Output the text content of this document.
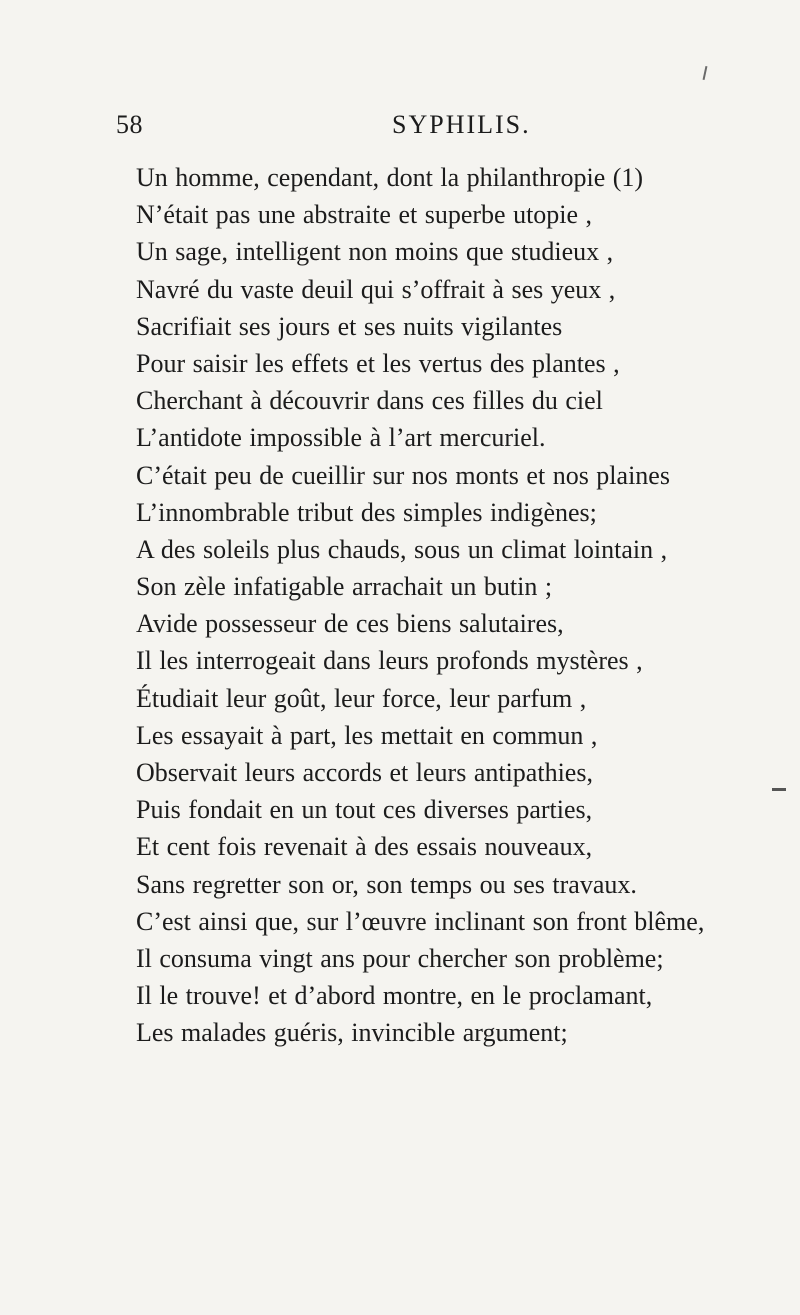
58	SYPHILIS.
Un homme, cependant, dont la philanthropie (1)
N’était pas une abstraite et superbe utopie ,
Un sage, intelligent non moins que studieux ,
Navré du vaste deuil qui s’offrait à ses yeux ,
Sacrifiait ses jours et ses nuits vigilantes
Pour saisir les effets et les vertus des plantes ,
Cherchant à découvrir dans ces filles du ciel
L’antidote impossible à l’art mercuriel.
C’était peu de cueillir sur nos monts et nos plaines
L’innombrable tribut des simples indigènes;
A des soleils plus chauds, sous un climat lointain ,
Son zèle infatigable arrachait un butin ;
Avide possesseur de ces biens salutaires,
Il les interrogeait dans leurs profonds mystères ,
Étudiait leur goût, leur force, leur parfum ,
Les essayait à part, les mettait en commun ,
Observait leurs accords et leurs antipathies,
Puis fondait en un tout ces diverses parties,
Et cent fois revenait à des essais nouveaux,
Sans regretter son or, son temps ou ses travaux.
C’est ainsi que, sur l’œuvre inclinant son front blême,
Il consuma vingt ans pour chercher son problème;
Il le trouve! et d’abord montre, en le proclamant,
Les malades guéris, invincible argument;
